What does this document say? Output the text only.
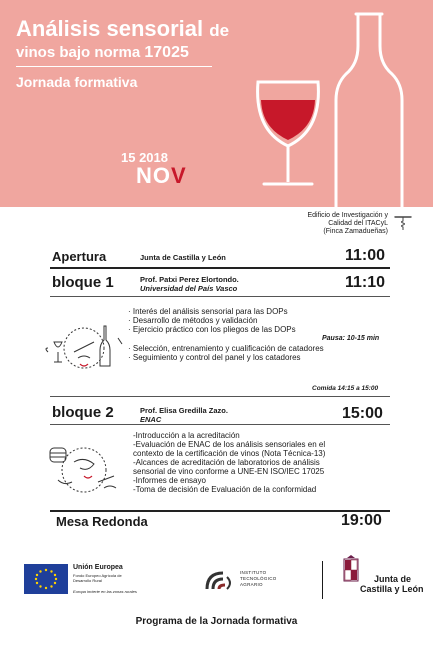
Análisis sensorial de
vinos bajo norma 17025
Jornada formativa
15 2018
NOV
Edificio de Investigación y
Calidad del ITACyL
(Finca Zamadueñas)
Apertura	Junta de Castilla y León	11:00
bloque 1	Prof. Patxi Perez Elortondo.
Universidad del País Vasco	11:10
· Interés del análisis sensorial para las DOPs
· Desarrollo de métodos y validación
· Ejercicio práctico con los pliegos de las DOPs
Pausa: 10-15 min
· Selección, entrenamiento y cualificación de catadores
· Seguimiento y control del panel y los catadores
Comida 14:15 a 15:00
bloque 2	Prof. Elisa Gredilla Zazo.
ENAC	15:00
-Introducción a la acreditación
-Evaluación de ENAC de los análisis sensoriales en el
contexto de la certificación de vinos (Nota Técnica-13)
-Alcances de acreditación de laboratorios de análisis
sensorial de vino conforme a UNE-EN ISO/IEC 17025
-Informes de ensayo
-Toma de decisión de Evaluación de la conformidad
Mesa Redonda	19:00
Unión Europea
Fondo Europeo Agrícola de Desarrollo Rural
Europa invierte en las zonas rurales
INSTITUTO
TECNOLÓGICO
AGRARIO
Junta de
Castilla y León
Programa de la Jornada formativa
